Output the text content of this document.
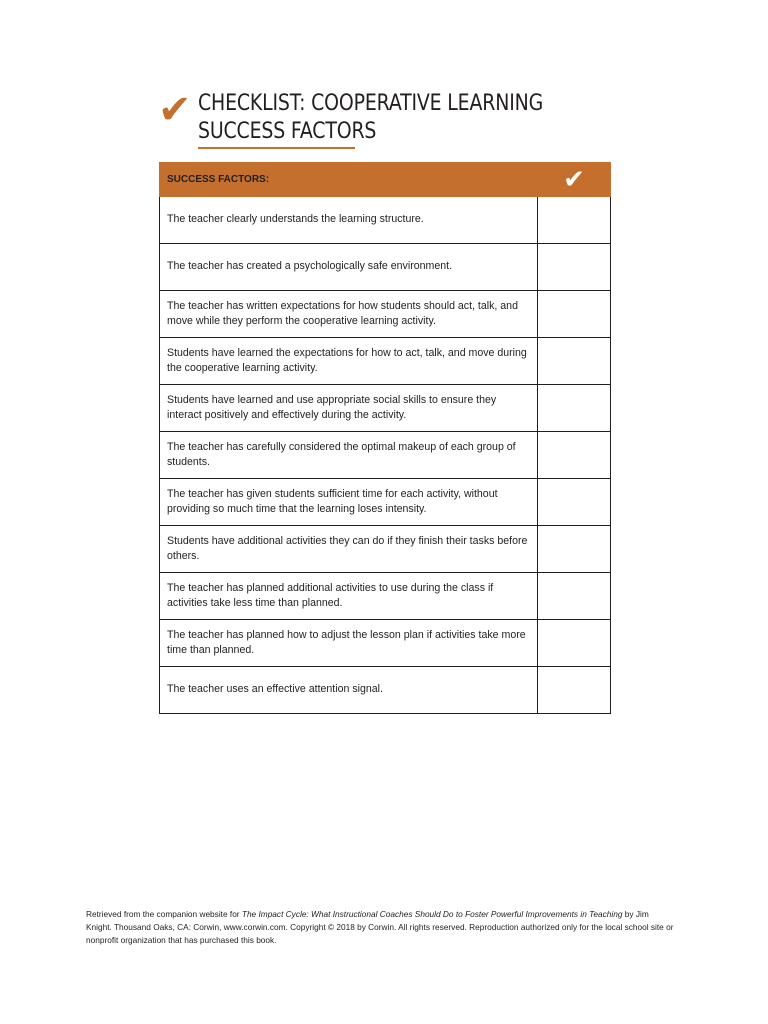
✔ CHECKLIST: COOPERATIVE LEARNING
SUCCESS FACTORS
SUCCESS FACTORS:	✔
The teacher clearly understands the learning structure.	
The teacher has created a psychologically safe environment.	
The teacher has written expectations for how students should act, talk, and move while they perform the cooperative learning activity.	
Students have learned the expectations for how to act, talk, and move during the cooperative learning activity.	
Students have learned and use appropriate social skills to ensure they interact positively and effectively during the activity.	
The teacher has carefully considered the optimal makeup of each group of students.	
The teacher has given students sufficient time for each activity, without providing so much time that the learning loses intensity.	
Students have additional activities they can do if they finish their tasks before others.	
The teacher has planned additional activities to use during the class if activities take less time than planned.	
The teacher has planned how to adjust the lesson plan if activities take more time than planned.	
The teacher uses an effective attention signal.	
Retrieved from the companion website for The Impact Cycle: What Instructional Coaches Should Do to Foster Powerful Improvements in Teaching by Jim Knight. Thousand Oaks, CA: Corwin, www.corwin.com. Copyright © 2018 by Corwin. All rights reserved. Reproduction authorized only for the local school site or nonprofit organization that has purchased this book.
